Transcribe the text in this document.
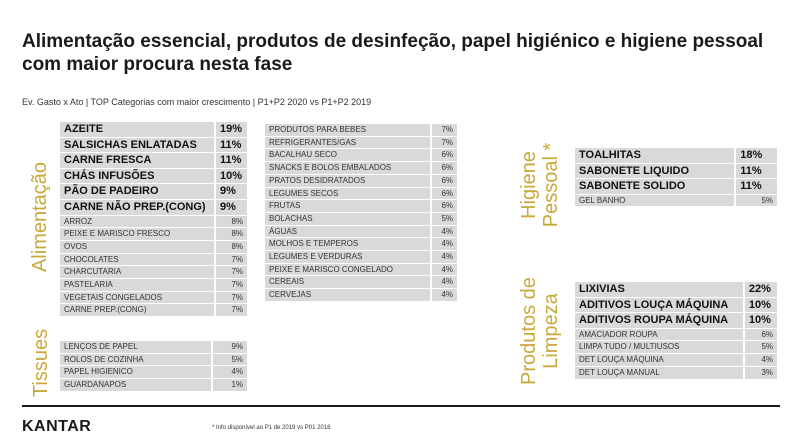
Alimentação essencial, produtos de desinfeção, papel higiénico e higiene pessoal com maior procura nesta fase
Ev. Gasto x Ato | TOP Categorias com maior crescimento | P1+P2 2020 vs P1+P2 2019
Alimentação
Tissues
Higiene Pessoal *
Produtos de Limpeza
AZEITE	19%
SALSICHAS ENLATADAS	11%
CARNE FRESCA	11%
CHÁS INFUSÕES	10%
PÃO DE PADEIRO	9%
CARNE NÃO PREP.(CONG)	9%
ARROZ	8%
PEIXE E MARISCO FRESCO	8%
OVOS	8%
CHOCOLATES	7%
CHARCUTARIA	7%
PASTELARIA	7%
VEGETAIS CONGELADOS	7%
CARNE PREP.(CONG)	7%
PRODUTOS PARA BEBES	7%
REFRIGERANTES/GAS	7%
BACALHAU SECO	6%
SNACKS E BOLOS EMBALADOS	6%
PRATOS DESIDRATADOS	6%
LEGUMES SECOS	6%
FRUTAS	6%
BOLACHAS	5%
ÁGUAS	4%
MOLHOS E TEMPEROS	4%
LEGUMES E VERDURAS	4%
PEIXE E MARISCO CONGELADO	4%
CEREAIS	4%
CERVEJAS	4%
LENÇOS DE PAPEL	9%
ROLOS DE COZINHA	5%
PAPEL HIGIENICO	4%
GUARDANAPOS	1%
TOALHITAS	18%
SABONETE LIQUIDO	11%
SABONETE SOLIDO	11%
GEL BANHO	5%
LIXIVIAS	22%
ADITIVOS LOUÇA MÁQUINA	10%
ADITIVOS ROUPA MÁQUINA	10%
AMACIADOR ROUPA	6%
LIMPA TUDO / MULTIUSOS	5%
DET LOUÇA MÁQUINA	4%
DET LOUÇA MANUAL	3%
KANTAR	* Info disponível ao P1 de 2019 vs P01 2018
